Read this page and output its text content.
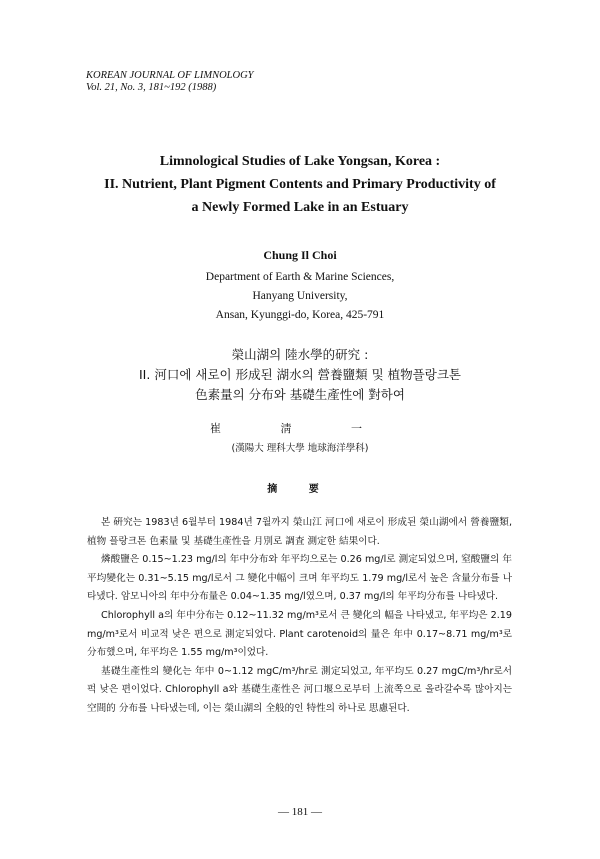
KOREAN JOURNAL OF LIMNOLOGY
Vol. 21, No. 3, 181~192 (1988)
Limnological Studies of Lake Yongsan, Korea :
II. Nutrient, Plant Pigment Contents and Primary Productivity of
a Newly Formed Lake in an Estuary
Chung Il Choi
Department of Earth & Marine Sciences,
Hanyang University,
Ansan, Kyunggi-do, Korea, 425-791
榮山湖의 陸水學的研究 :
II. 河口에 새로이 形成된 湖水의 營養鹽類 및 植物플랑크톤
色素量의 分布와 基礎生產性에 對하여
崔 淸 一
(漢陽大 理科大學 地球海洋學科)
摘 要

본 硏究는 1983년 6월부터 1984년 7월까지 榮山江 河口에 새로이 形成된 榮山湖에서 營養鹽類, 植物 플랑크톤 色素量 및 基礎生產性을 月別로 調査 測定한 結果이다.

燐酸鹽은 0.15~1.23 mg/l의 年中分布와 年平均으로는 0.26 mg/l로 測定되었으며, 窒酸鹽의 年平均變化는 0.31~5.15 mg/l로서 그 變化中幅이 크며 年平均도 1.79 mg/l로서 높은 含量分布를 나타냈다. 암모니아의 年中分布量은 0.04~1.35 mg/l였으며, 0.37 mg/l의 年平均分布를 나타냈다.

Chlorophyll a의 年中分布는 0.12~11.32 mg/m³로서 큰 變化의 幅을 나타냈고, 年平均은 2.19 mg/m³로서 비교적 낮은 편으로 測定되었다. Plant carotenoid의 量은 年中 0.17~8.71 mg/m³로 分布했으며, 年平均은 1.55 mg/m³이었다.

基礎生產性의 變化는 年中 0~1.12 mgC/m³/hr로 測定되었고, 年平均도 0.27 mgC/m³/hr로서 퍽 낮은 편이었다. Chlorophyll a와 基礎生產性은 河口堰으로부터 上流쪽으로 올라갈수록 많아지는 空間的 分布를 나타냈는데, 이는 榮山湖의 全般的인 特性의 하나로 思慮된다.

— 181 —
